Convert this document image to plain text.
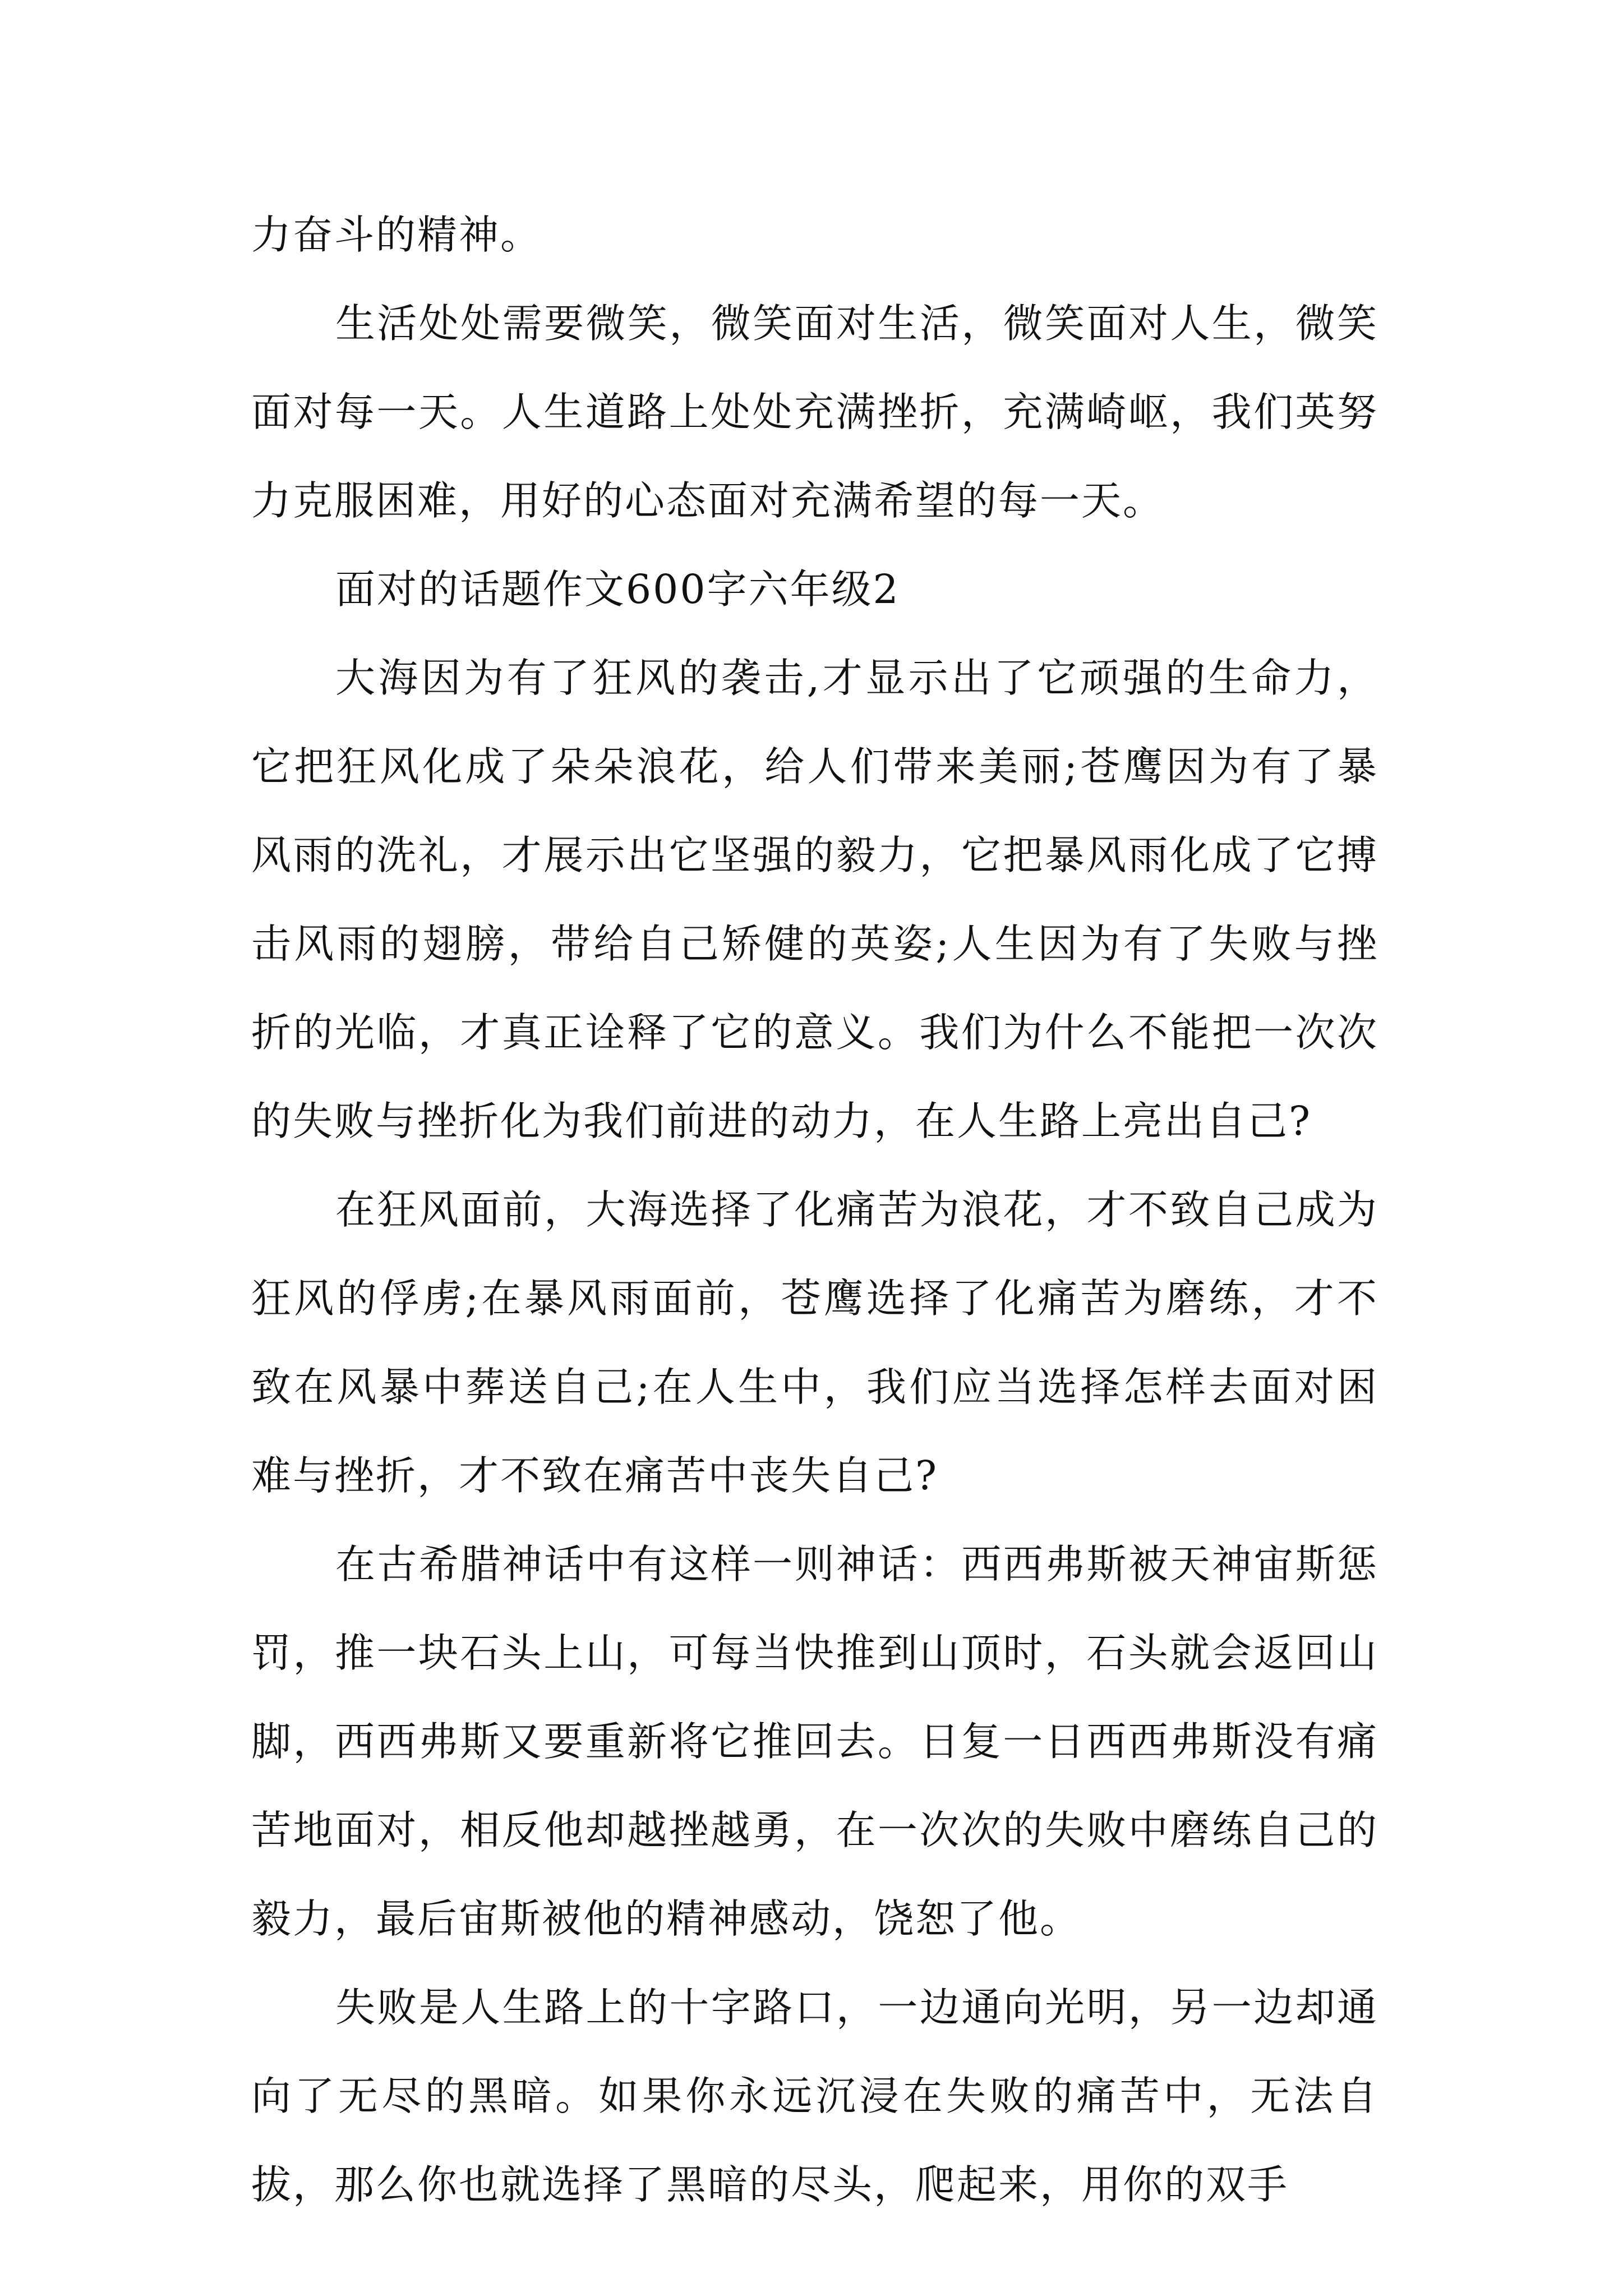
力奋斗的精神。

生活处处需要微笑，微笑面对生活，微笑面对人生，微笑面对每一天。人生道路上处处充满挫折，充满崎岖，我们英努力克服困难，用好的心态面对充满希望的每一天。

面对的话题作文600字六年级2

大海因为有了狂风的袭击,才显示出了它顽强的生命力，它把狂风化成了朵朵浪花，给人们带来美丽;苍鹰因为有了暴风雨的洗礼，才展示出它坚强的毅力，它把暴风雨化成了它搏击风雨的翅膀，带给自己矫健的英姿;人生因为有了失败与挫折的光临，才真正诠释了它的意义。我们为什么不能把一次次的失败与挫折化为我们前进的动力，在人生路上亮出自己?

在狂风面前，大海选择了化痛苦为浪花，才不致自己成为狂风的俘虏;在暴风雨面前，苍鹰选择了化痛苦为磨练，才不致在风暴中葬送自己;在人生中，我们应当选择怎样去面对困难与挫折，才不致在痛苦中丧失自己?

在古希腊神话中有这样一则神话：西西弗斯被天神宙斯惩罚，推一块石头上山，可每当快推到山顶时，石头就会返回山脚，西西弗斯又要重新将它推回去。日复一日西西弗斯没有痛苦地面对，相反他却越挫越勇，在一次次的失败中磨练自己的毅力，最后宙斯被他的精神感动，饶恕了他。

失败是人生路上的十字路口，一边通向光明，另一边却通向了无尽的黑暗。如果你永远沉浸在失败的痛苦中，无法自拔，那么你也就选择了黑暗的尽头，爬起来，用你的双手
